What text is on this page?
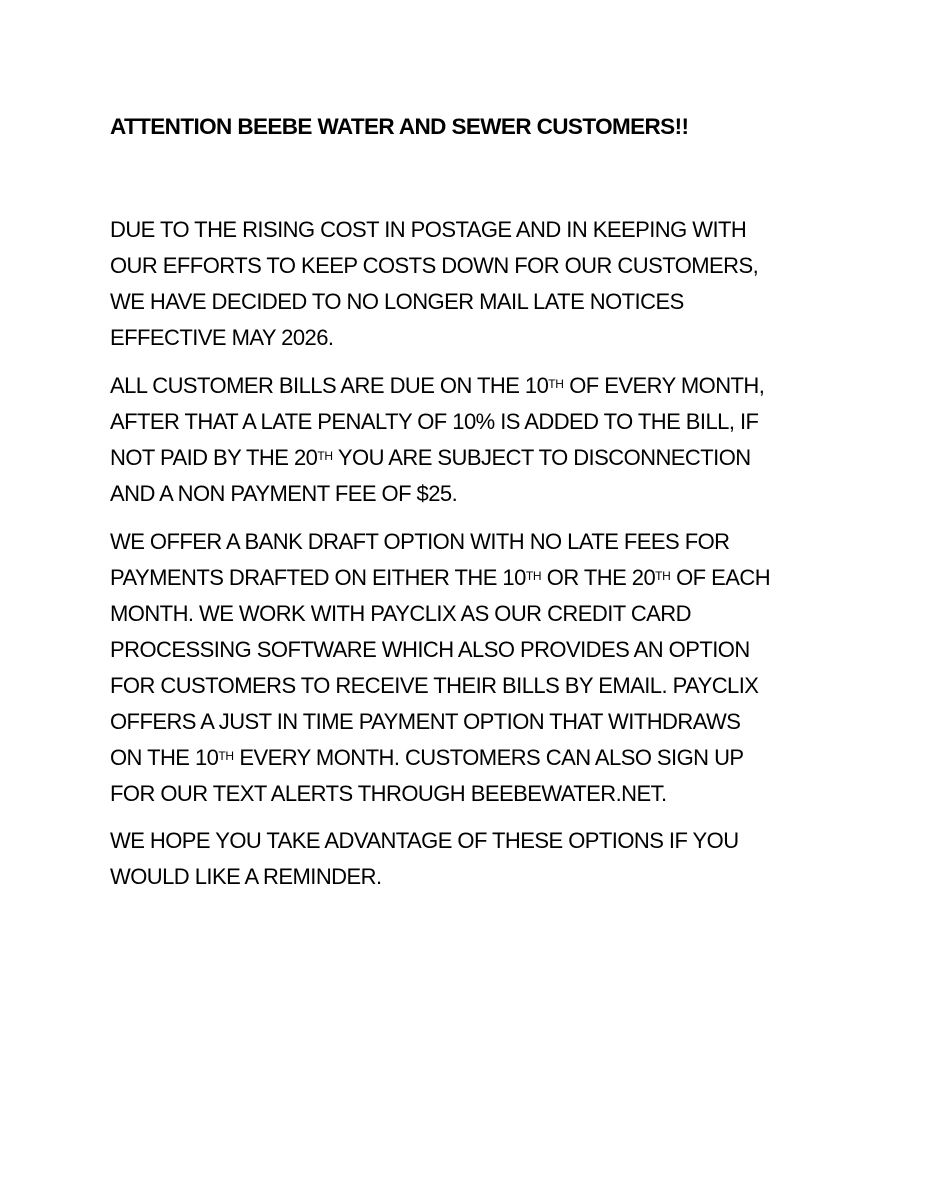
ATTENTION BEEBE WATER AND SEWER CUSTOMERS!!
DUE TO THE RISING COST IN POSTAGE AND IN KEEPING WITH
OUR EFFORTS TO KEEP COSTS DOWN FOR OUR CUSTOMERS,
WE HAVE DECIDED TO NO LONGER MAIL LATE NOTICES
EFFECTIVE MAY 2026.
ALL CUSTOMER BILLS ARE DUE ON THE 10TH OF EVERY MONTH,
AFTER THAT A LATE PENALTY OF 10% IS ADDED TO THE BILL, IF
NOT PAID BY THE 20TH YOU ARE SUBJECT TO DISCONNECTION
AND A NON PAYMENT FEE OF $25.
WE OFFER A BANK DRAFT OPTION WITH NO LATE FEES FOR
PAYMENTS DRAFTED ON EITHER THE 10TH OR THE 20TH OF EACH
MONTH. WE WORK WITH PAYCLIX AS OUR CREDIT CARD
PROCESSING SOFTWARE WHICH ALSO PROVIDES AN OPTION
FOR CUSTOMERS TO RECEIVE THEIR BILLS BY EMAIL. PAYCLIX
OFFERS A JUST IN TIME PAYMENT OPTION THAT WITHDRAWS
ON THE 10TH EVERY MONTH. CUSTOMERS CAN ALSO SIGN UP
FOR OUR TEXT ALERTS THROUGH BEEBEWATER.NET.
WE HOPE YOU TAKE ADVANTAGE OF THESE OPTIONS IF YOU
WOULD LIKE A REMINDER.
